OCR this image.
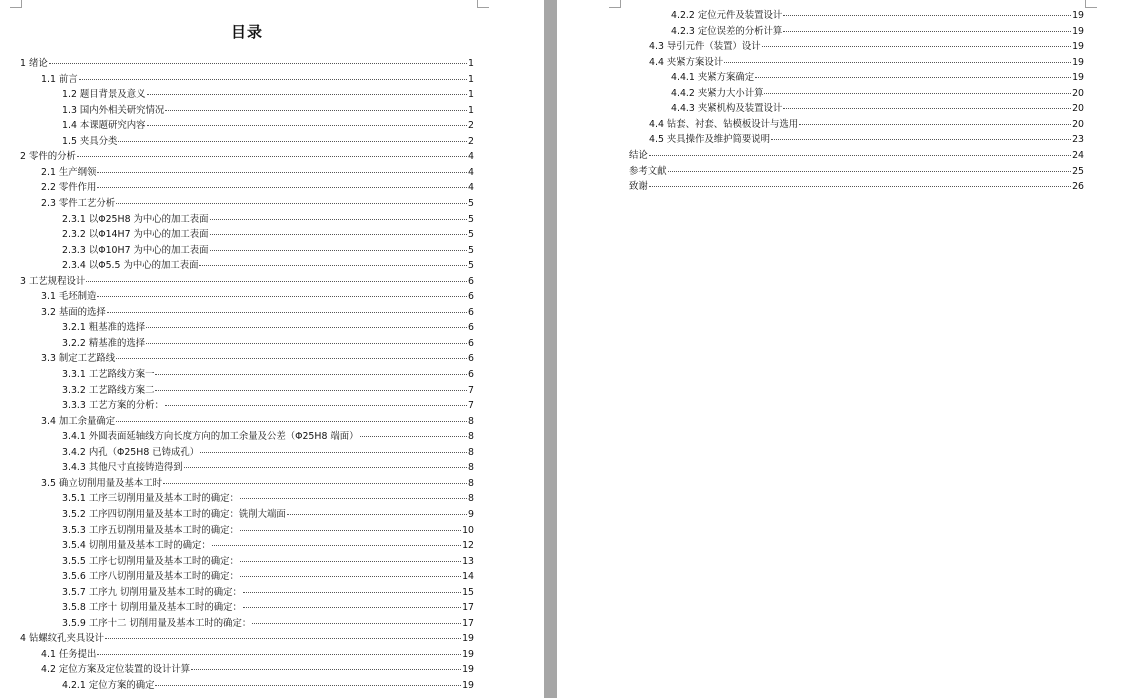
目录
1 绪论	1
1.1 前言	1
1.2 题目背景及意义	1
1.3 国内外相关研究情况	1
1.4 本课题研究内容	2
1.5 夹具分类	2
2 零件的分析	4
2.1 生产纲领	4
2.2 零件作用	4
2.3 零件工艺分析	5
2.3.1 以Φ25H8 为中心的加工表面	5
2.3.2 以Φ14H7 为中心的加工表面	5
2.3.3 以Φ10H7 为中心的加工表面	5
2.3.4 以Φ5.5 为中心的加工表面	5
3 工艺规程设计	6
3.1 毛坯制造	6
3.2 基面的选择	6
3.2.1 粗基准的选择	6
3.2.2 精基准的选择	6
3.3 制定工艺路线	6
3.3.1 工艺路线方案一	6
3.3.2 工艺路线方案二	7
3.3.3 工艺方案的分析：	7
3.4 加工余量确定	8
3.4.1 外圆表面延轴线方向长度方向的加工余量及公差（Φ25H8 端面）	8
3.4.2 内孔（Φ25H8 已铸成孔）	8
3.4.3 其他尺寸直接铸造得到	8
3.5 确立切削用量及基本工时	8
3.5.1 工序三切削用量及基本工时的确定：	8
3.5.2 工序四切削用量及基本工时的确定：铣削大端面	9
3.5.3 工序五切削用量及基本工时的确定：	10
3.5.4 切削用量及基本工时的确定：	12
3.5.5 工序七切削用量及基本工时的确定：	13
3.5.6 工序八切削用量及基本工时的确定：	14
3.5.7 工序九 切削用量及基本工时的确定：	15
3.5.8 工序十 切削用量及基本工时的确定：	17
3.5.9 工序十二 切削用量及基本工时的确定：	17
4 钻螺纹孔夹具设计	19
4.1 任务提出	19
4.2 定位方案及定位装置的设计计算	19
4.2.1 定位方案的确定	19
4.2.2 定位元件及装置设计	19
4.2.3 定位误差的分析计算	19
4.3 导引元件（装置）设计	19
4.4 夹紧方案设计	19
4.4.1 夹紧方案确定	19
4.4.2 夹紧力大小计算	20
4.4.3 夹紧机构及装置设计	20
4.4 钻套、衬套、钻模板设计与选用	20
4.5 夹具操作及维护简要说明	23
结论	24
参考文献	25
致谢	26
